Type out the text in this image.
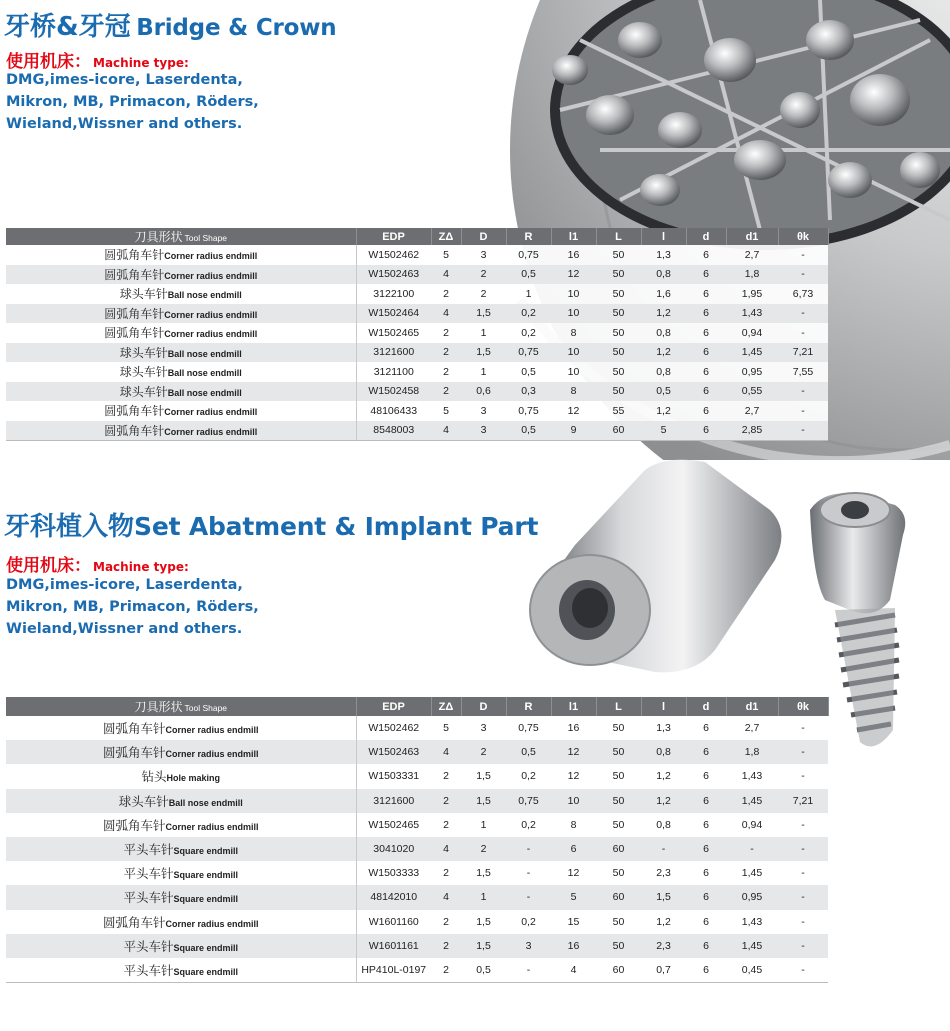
牙桥&牙冠 Bridge & Crown
使用机床： Machine type:
DMG,imes-icore, Laserdenta, Mikron, MB, Primacon, Röders, Wieland,Wissner and others.
刀具形状 Tool Shape	EDP	ZΔ	D	R	l1	L	l	d	d1	θk
圆弧角车针Corner radius endmill	W1502462	5	3	0,75	16	50	1,3	6	2,7	-
圆弧角车针Corner radius endmill	W1502463	4	2	0,5	12	50	0,8	6	1,8	-
球头车针Ball nose endmill	3122100	2	2	1	10	50	1,6	6	1,95	6,73
圆弧角车针Corner radius endmill	W1502464	4	1,5	0,2	10	50	1,2	6	1,43	-
圆弧角车针Corner radius endmill	W1502465	2	1	0,2	8	50	0,8	6	0,94	-
球头车针Ball nose endmill	3121600	2	1,5	0,75	10	50	1,2	6	1,45	7,21
球头车针Ball nose endmill	3121100	2	1	0,5	10	50	0,8	6	0,95	7,55
球头车针Ball nose endmill	W1502458	2	0,6	0,3	8	50	0,5	6	0,55	-
圆弧角车针Corner radius endmill	48106433	5	3	0,75	12	55	1,2	6	2,7	-
圆弧角车针Corner radius endmill	8548003	4	3	0,5	9	60	5	6	2,85	-
牙科植入物Set Abatment & Implant Part
使用机床： Machine type:
DMG,imes-icore, Laserdenta, Mikron, MB, Primacon, Röders, Wieland,Wissner and others.
刀具形状 Tool Shape	EDP	ZΔ	D	R	l1	L	l	d	d1	θk
圆弧角车针Corner radius endmill	W1502462	5	3	0,75	16	50	1,3	6	2,7	-
圆弧角车针Corner radius endmill	W1502463	4	2	0,5	12	50	0,8	6	1,8	-
钻头Hole making	W1503331	2	1,5	0,2	12	50	1,2	6	1,43	-
球头车针Ball nose endmill	3121600	2	1,5	0,75	10	50	1,2	6	1,45	7,21
圆弧角车针Corner radius endmill	W1502465	2	1	0,2	8	50	0,8	6	0,94	-
平头车针Square endmill	3041020	4	2	-	6	60	-	6	-	-
平头车针Square endmill	W1503333	2	1,5	-	12	50	2,3	6	1,45	-
平头车针Square endmill	48142010	4	1	-	5	60	1,5	6	0,95	-
圆弧角车针Corner radius endmill	W1601160	2	1,5	0,2	15	50	1,2	6	1,43	-
平头车针Square endmill	W1601161	2	1,5	3	16	50	2,3	6	1,45	-
平头车针Square endmill	HP410L-0197	2	0,5	-	4	60	0,7	6	0,45	-
